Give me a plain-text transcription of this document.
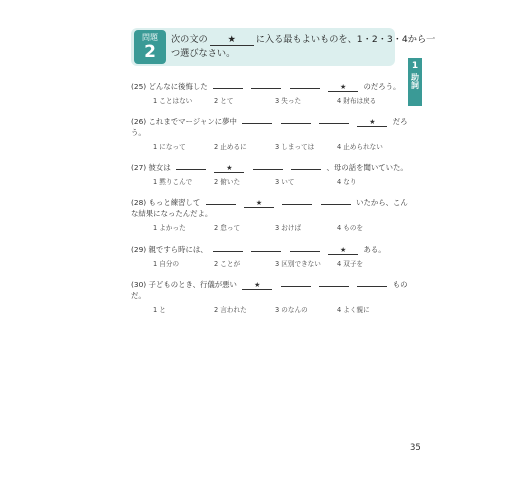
問題
2
次の文の ★ に入る最もよいものを、1・2・3・4から一
つ選びなさい。
1
助詞
(25) どんなに後悔した	★ のだろう。
1 ことはない	2 とて	3 失った	4 財布は戻る
(26) これまでマージャンに夢中	★ だろ
う。
1 になって	2 止めるに	3 しまっては	4 止められない
(27) 彼女は	★	、母の話を聞いていた。
1 黙りこんで	2 俯いた	3 いて	4 なり
(28) もっと練習して	★	いたから、こん
な結果になったんだよ。
1 よかった	2 怠って	3 おけば	4 ものを
(29) 親ですら時には、	★ ある。
1 自分の	2 ことが	3 区別できない 4 双子を
(30) 子どものとき、行儀が悪い ★	もの
だ。
1 と	2 言われた	3 のなんの	4 よく親に
35
